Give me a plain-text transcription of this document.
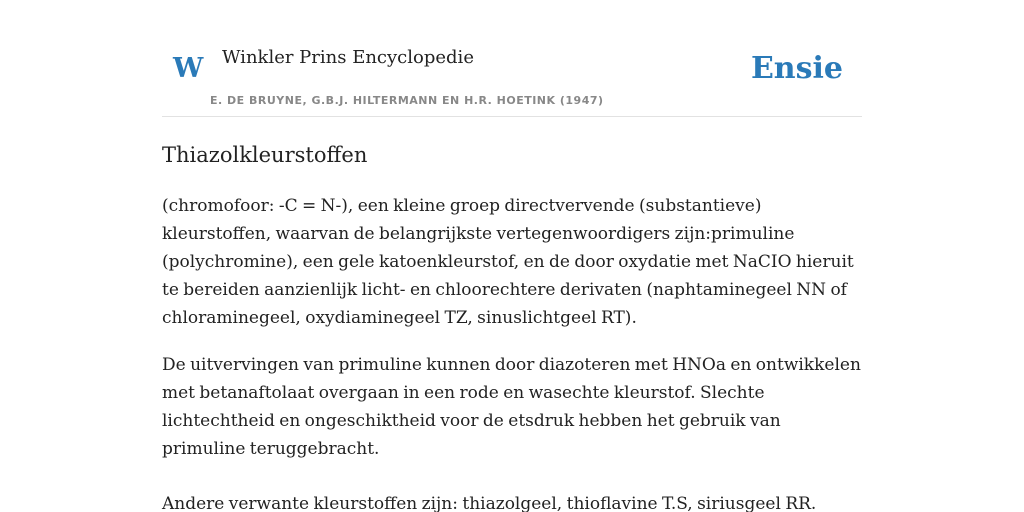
W Winkler Prins Encyclopedie
E. DE BRUYNE, G.B.J. HILTERMANN EN H.R. HOETINK (1947)
Ensie
Thiazolkleurstoffen

(chromofoor: -C = N-), een kleine groep directvervende (substantieve) kleurstoffen, waarvan de belangrijkste vertegenwoordigers zijn:primuline (polychromine), een gele katoenkleurstof, en de door oxydatie met NaCIO hieruit te bereiden aanzienlijk licht- en chloorechtere derivaten (naphtaminegeel NN of chloraminegeel, oxydiaminegeel TZ, sinuslichtgeel RT).

De uitvervingen van primuline kunnen door diazoteren met HNOa en ontwikkelen met betanaftolaat overgaan in een rode en wasechte kleurstof. Slechte lichtechtheid en ongeschiktheid voor de etsdruk hebben het gebruik van primuline teruggebracht.

Andere verwante kleurstoffen zijn: thiazolgeel, thioflavine T.S, siriusgeel RR.
